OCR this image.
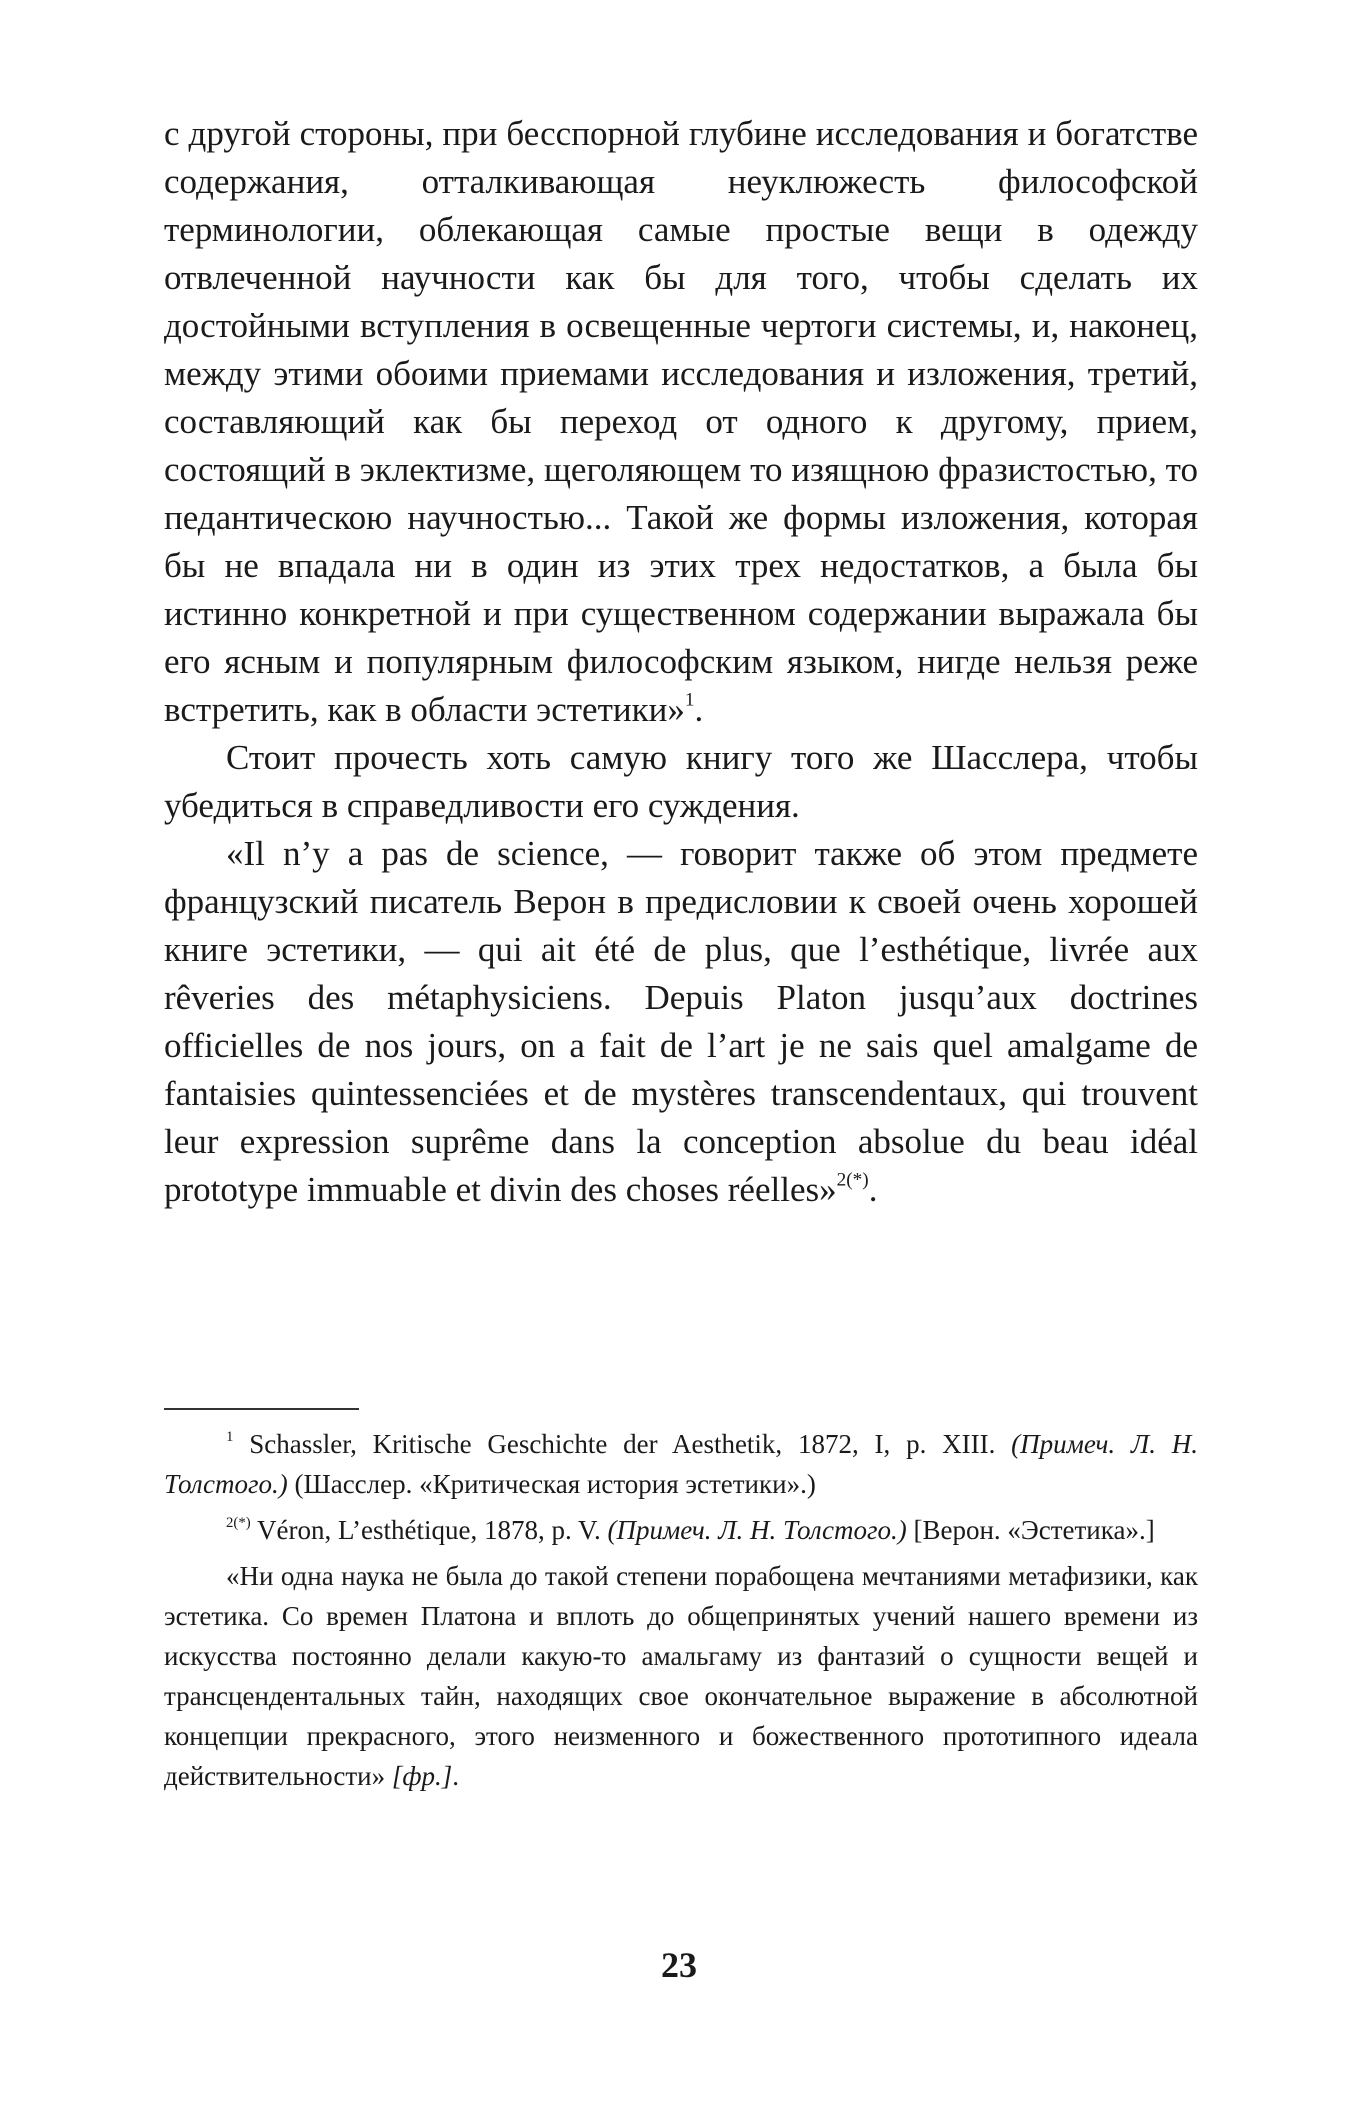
с другой стороны, при бесспорной глубине исследования и богатстве содержания, отталкивающая неуклюжесть философской терминологии, облекающая самые простые вещи в одежду отвлеченной научности как бы для того, чтобы сделать их достойными вступления в освещенные чертоги системы, и, наконец, между этими обоими приемами исследования и изложения, третий, составляющий как бы переход от одного к другому, прием, состоящий в эклектизме, щеголяющем то изящною фразистостью, то педантическою научностью... Такой же формы изложения, которая бы не впадала ни в один из этих трех недостатков, а была бы истинно конкретной и при существенном содержании выражала бы его ясным и популярным философским языком, нигде нельзя реже встретить, как в области эстетики»$^1$.

Стоит прочесть хоть самую книгу того же Шасслера, чтобы убедиться в справедливости его суждения.

«Il n’y a pas de science, — говорит также об этом предмете французский писатель Верон в предисловии к своей очень хорошей книге эстетики, — qui ait été de plus, que l’esthétique, livrée aux rêveries des métaphysiciens. Depuis Platon jusqu’aux doctrines officielles de nos jours, on a fait de l’art je ne sais quel amalgame de fantaisies quintessenciées et de mystères transcendentaux, qui trouvent leur expression suprême dans la conception absolue du beau idéal prototype immuable et divin des choses réelles»$^{2(*)}$.

$^1$ Schassler, Kritische Geschichte der Aesthetik, 1872, I, p. XIII. (Примеч. Л. Н. Толстого.) (Шасслер. «Критическая история эстетики».)

$^{2(*)}$ Véron, L’esthétique, 1878, p. V. (Примеч. Л. Н. Толстого.) [Верон. «Эстетика».]

«Ни одна наука не была до такой степени порабощена мечтаниями метафизики, как эстетика. Со времен Платона и вплоть до общепринятых учений нашего времени из искусства постоянно делали какую-то амальгаму из фантазий о сущности вещей и трансцендентальных тайн, находящих свое окончательное выражение в абсолютной концепции прекрасного, этого неизменного и божественного прототипного идеала действительности» [фр.].

23
